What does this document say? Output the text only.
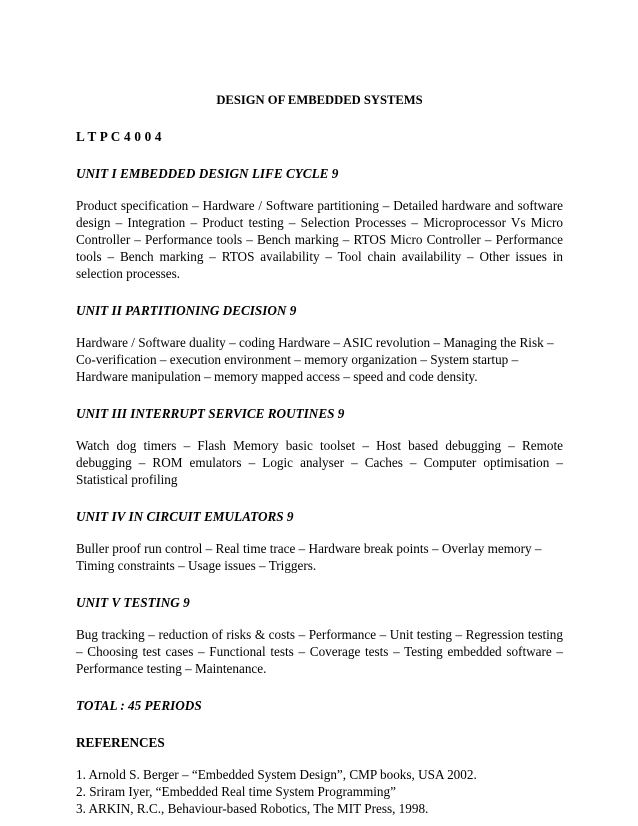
DESIGN OF EMBEDDED SYSTEMS
L T P C 4 0 0 4
UNIT I EMBEDDED DESIGN LIFE CYCLE 9
Product specification – Hardware / Software partitioning – Detailed hardware and software design – Integration – Product testing – Selection Processes – Microprocessor Vs Micro Controller – Performance tools – Bench marking – RTOS Micro Controller – Performance tools – Bench marking – RTOS availability – Tool chain availability – Other issues in selection processes.
UNIT II PARTITIONING DECISION 9
Hardware / Software duality – coding Hardware – ASIC revolution – Managing the Risk –
Co-verification – execution environment – memory organization – System startup –
Hardware manipulation – memory mapped access – speed and code density.
UNIT III INTERRUPT SERVICE ROUTINES 9
Watch dog timers – Flash Memory basic toolset – Host based debugging – Remote debugging – ROM emulators – Logic analyser – Caches – Computer optimisation – Statistical profiling
UNIT IV IN CIRCUIT EMULATORS 9
Buller proof run control – Real time trace – Hardware break points – Overlay memory –
Timing constraints – Usage issues – Triggers.
UNIT V TESTING 9
Bug tracking – reduction of risks & costs – Performance – Unit testing – Regression testing – Choosing test cases – Functional tests – Coverage tests – Testing embedded software – Performance testing – Maintenance.
TOTAL : 45 PERIODS
REFERENCES
1. Arnold S. Berger – “Embedded System Design”, CMP books, USA 2002.
2. Sriram Iyer, “Embedded Real time System Programming”
3. ARKIN, R.C., Behaviour-based Robotics, The MIT Press, 1998.
